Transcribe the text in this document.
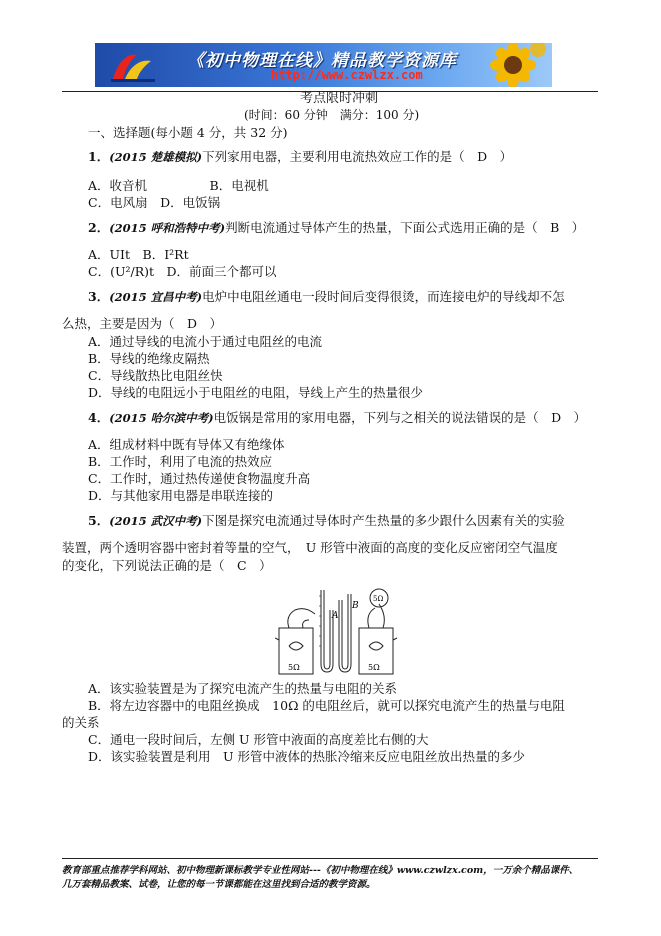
《初中物理在线》精品教学资源库
http://www.czwlzx.com
考点限时冲刺
(时间：60 分钟　满分：100 分)
一、选择题(每小题 4 分，共 32 分)
1．(2015 楚雄模拟)下列家用电器，主要利用电流热效应工作的是（　D　）
A．收音机　　　　　B．电视机
C．电风扇　D．电饭锅
2．(2015 呼和浩特中考)判断电流通过导体产生的热量，下面公式选用正确的是（　B　）
A．UIt　B．I²Rt
C．(U²/R)t　D．前面三个都可以
3．(2015 宜昌中考)电炉中电阻丝通电一段时间后变得很烫，而连接电炉的导线却不怎
么热，主要是因为（　D　）
A．通过导线的电流小于通过电阻丝的电流
B．导线的绝缘皮隔热
C．导线散热比电阻丝快
D．导线的电阻远小于电阻丝的电阻，导线上产生的热量很少
4．(2015 哈尔滨中考)电饭锅是常用的家用电器，下列与之相关的说法错误的是（　D　）
A．组成材料中既有导体又有绝缘体
B．工作时，利用了电流的热效应
C．工作时，通过热传递使食物温度升高
D．与其他家用电器是串联连接的
5．(2015 武汉中考)下图是探究电流通过导体时产生热量的多少跟什么因素有关的实验
装置，两个透明容器中密封着等量的空气，　U 形管中液面的高度的变化反应密闭空气温度
的变化，下列说法正确的是（　C　）
A
B
5Ω	5Ω
5Ω
A．该实验装置是为了探究电流产生的热量与电阻的关系
B．将左边容器中的电阻丝换成　10Ω 的电阻丝后，就可以探究电流产生的热量与电阻
的关系
C．通电一段时间后，左侧 U 形管中液面的高度差比右侧的大
D．该实验装置是利用　U 形管中液体的热胀冷缩来反应电阻丝放出热量的多少
教育部重点推荐学科网站、初中物理新课标教学专业性网站---《初中物理在线》www.czwlzx.com，一万余个精品课件、
几万套精品教案、试卷，让您的每一节课都能在这里找到合适的教学资源。
